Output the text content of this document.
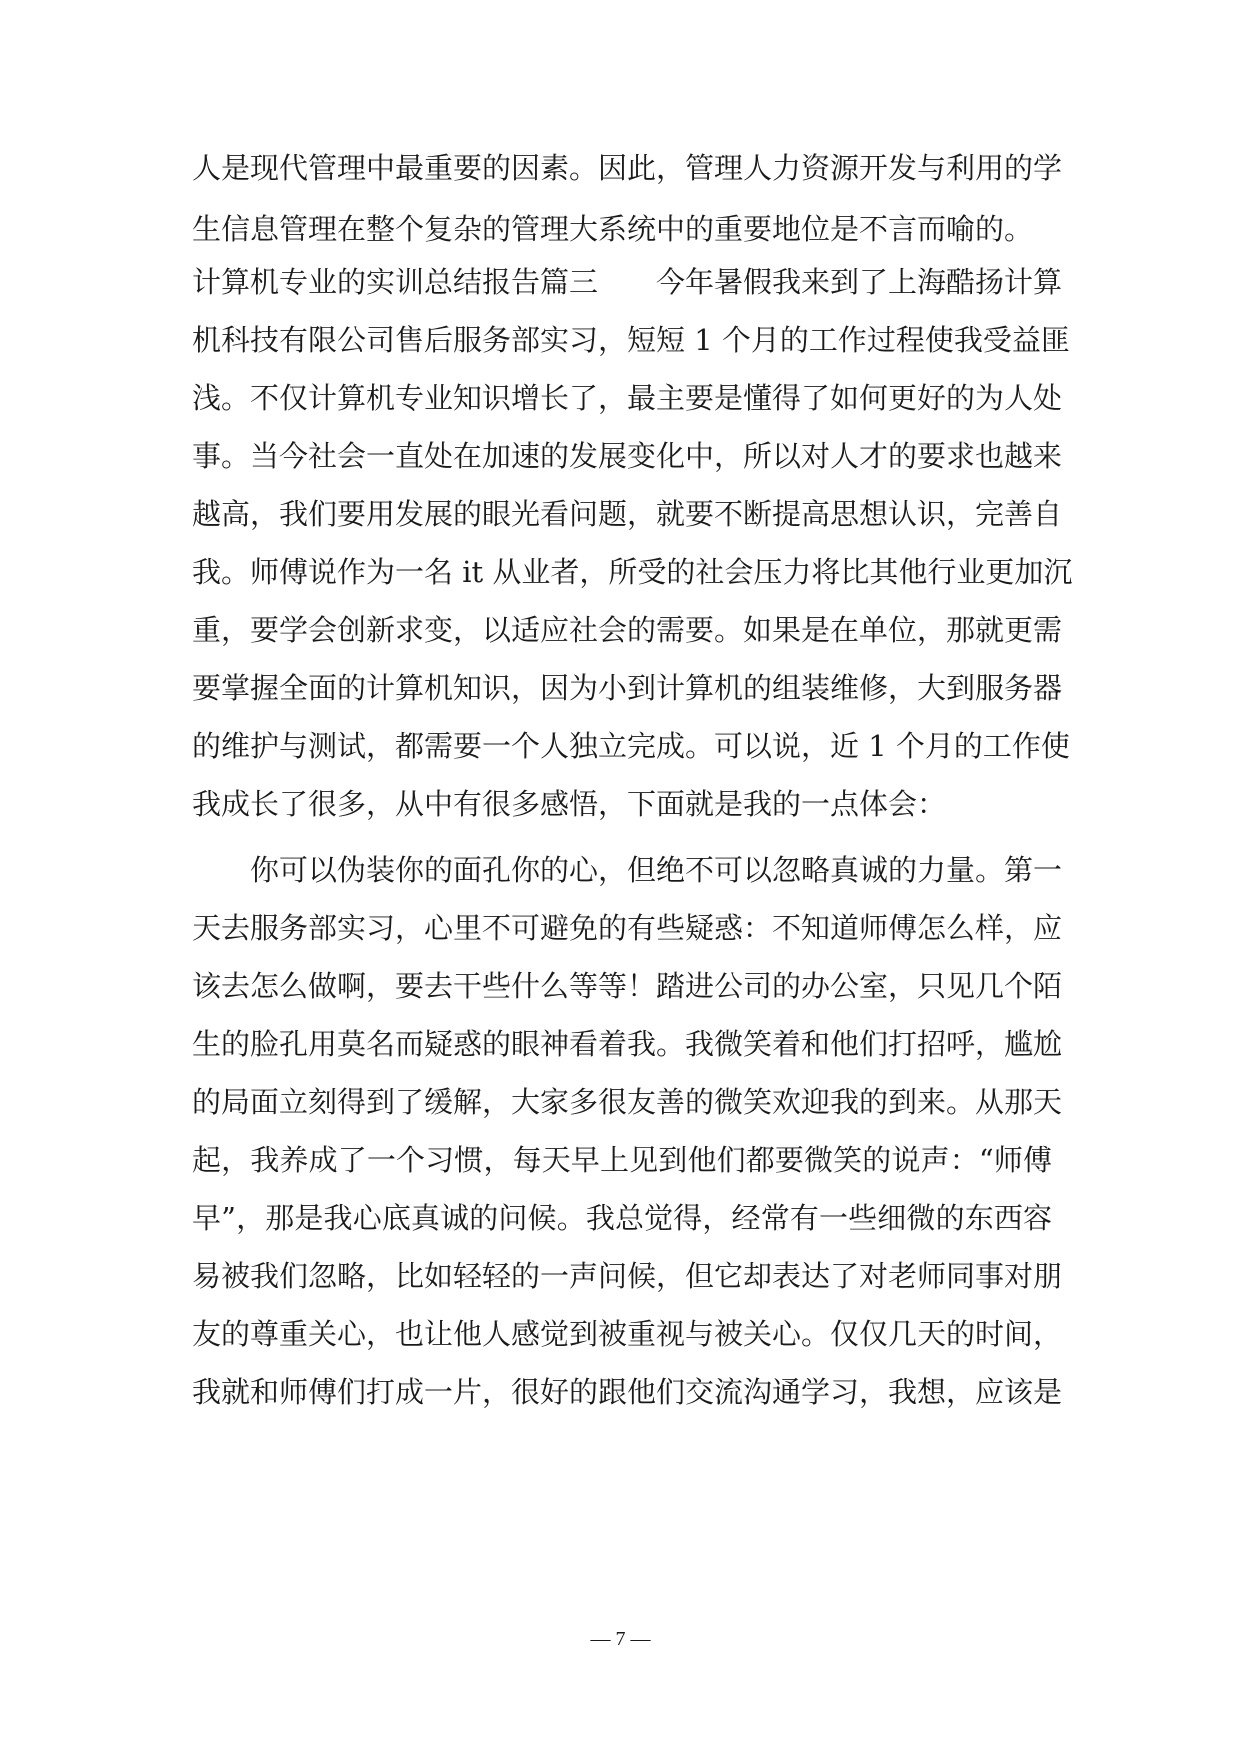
人是现代管理中最重要的因素。因此，管理人力资源开发与利用的学
生信息管理在整个复杂的管理大系统中的重要地位是不言而喻的。
计算机专业的实训总结报告篇三　　今年暑假我来到了上海酷扬计算
机科技有限公司售后服务部实习，短短 1 个月的工作过程使我受益匪
浅。不仅计算机专业知识增长了，最主要是懂得了如何更好的为人处
事。当今社会一直处在加速的发展变化中，所以对人才的要求也越来
越高，我们要用发展的眼光看问题，就要不断提高思想认识，完善自
我。师傅说作为一名 it 从业者，所受的社会压力将比其他行业更加沉
重，要学会创新求变，以适应社会的需要。如果是在单位，那就更需
要掌握全面的计算机知识，因为小到计算机的组装维修，大到服务器
的维护与测试，都需要一个人独立完成。可以说，近 1 个月的工作使
我成长了很多，从中有很多感悟，下面就是我的一点体会：
　　你可以伪装你的面孔你的心，但绝不可以忽略真诚的力量。第一
天去服务部实习，心里不可避免的有些疑惑：不知道师傅怎么样，应
该去怎么做啊，要去干些什么等等！踏进公司的办公室，只见几个陌
生的脸孔用莫名而疑惑的眼神看着我。我微笑着和他们打招呼，尴尬
的局面立刻得到了缓解，大家多很友善的微笑欢迎我的到来。从那天
起，我养成了一个习惯，每天早上见到他们都要微笑的说声：“师傅
早”，那是我心底真诚的问候。我总觉得，经常有一些细微的东西容
易被我们忽略，比如轻轻的一声问候，但它却表达了对老师同事对朋
友的尊重关心，也让他人感觉到被重视与被关心。仅仅几天的时间，
我就和师傅们打成一片，很好的跟他们交流沟通学习，我想，应该是
— 7 —
